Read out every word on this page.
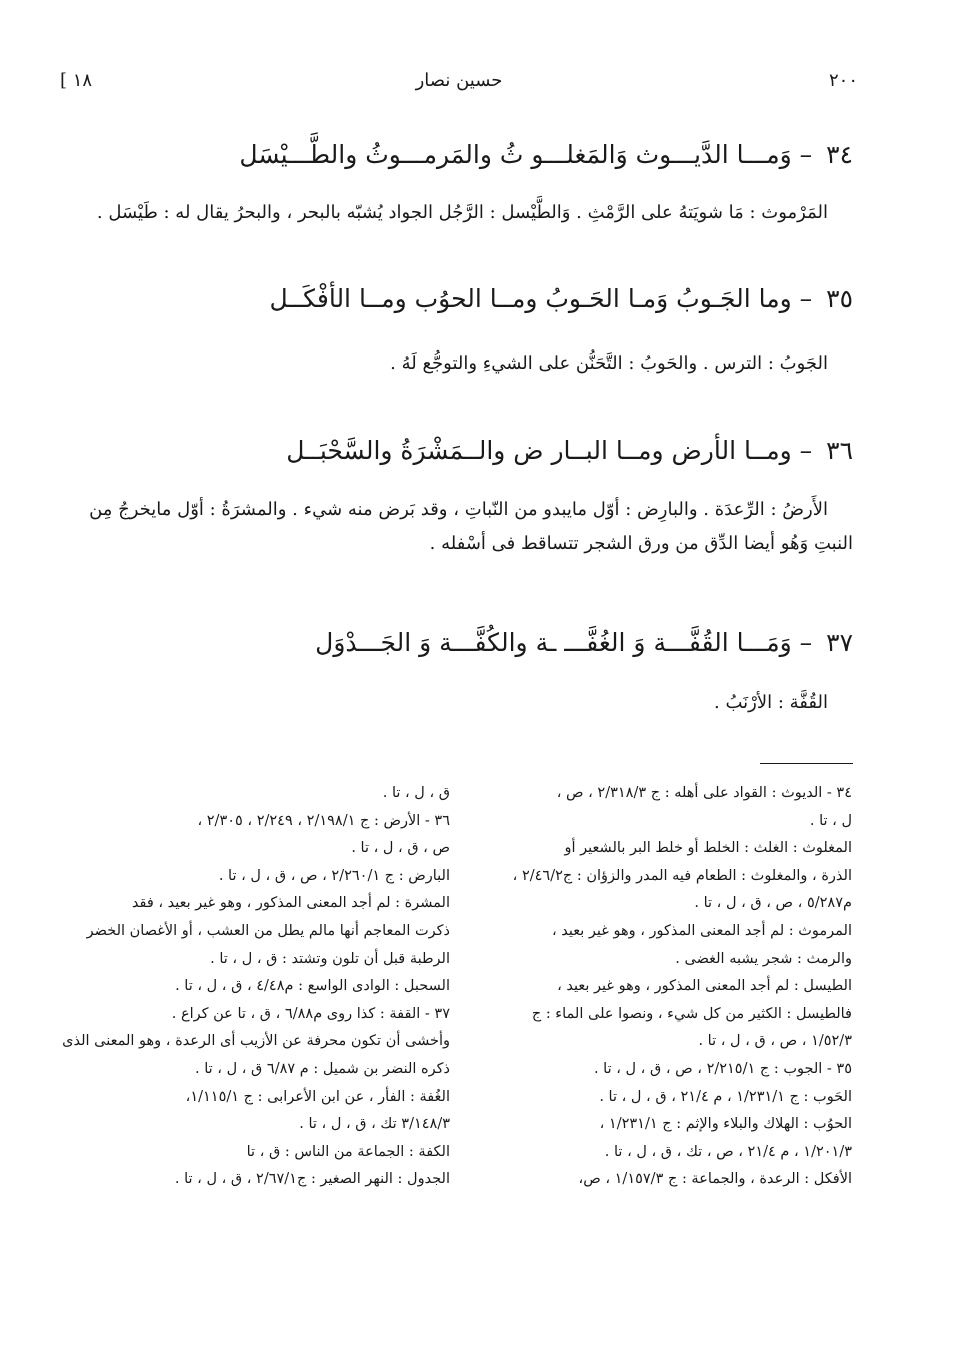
[ ١٨	حسين نصار	٢٠٠
٣٤– وَمـــا الدَّيـــوث وَالمَغلـــو ثُ والمَرمـــوثُ والطَّـــيْسَل
المَرْموث : مَا شويَتهُ على الرَّمْثِ . وَالطَّيْسل : الرَّجُل الجواد يُشبّه بالبحر ، والبحرُ يقال له : طَيْسَل .
٣٥– وما الجَـوبُ وَمـا الحَـوبُ ومــا الحوُب ومــا الأفْكَــل
الجَوبُ : الترس . والحَوبُ : التَّحَنُّن على الشيءِ والتوجُّع لَهُ .
٣٦– ومــا الأرض ومــا البــار ض والــمَشْرَةُ والسَّحْبَــل
الأَرضُ : الرِّعدَة . والبارِض : أوّل مايبدو من النّباتِ ، وقد بَرض منه شيء . والمشرَةُ : أوّل مايخرجُ مِن
النبتِ وَهُو أيضا الدِّق من ورق الشجر تتساقط فى أسْفله .
٣٧– وَمَـــا القُفَّـــة وَ الغُفَّـــ ـة والكُفَّـــة وَ الجَـــدْوَل
القُفَّة : الأرْنَبُ .

٣٤ - الديوث : القواد على أهله : ج ٢/٣١٨/٣ ، ص ،

ل ، تا .

المغلوث : الغلث : الخلط أو خلط البر بالشعير أو

الذرة ، والمغلوث : الطعام فيه المدر والزؤان : ج٢/٤٦/٢ ،

م٥/٢٨٧ ، ص ، ق ، ل ، تا .

المرموث : لم أجد المعنى المذكور ، وهو غير بعيد ،

والرمث : شجر يشبه الغضى .

الطيسل : لم أجد المعنى المذكور ، وهو غير بعيد ،

فالطيسل : الكثير من كل شيء ، ونصوا على الماء : ج

١/٥٢/٣ ، ص ، ق ، ل ، تا .

٣٥ - الجوب : ج ٢/٢١٥/١ ، ص ، ق ، ل ، تا .

الحَوب : ج ١/٢٣١/١ ، م ٢١/٤ ، ق ، ل ، تا .

الحوُب : الهلاك والبلاء والإثم : ج ١/٢٣١/١ ،

١/٢٠١/٣ ، م ٢١/٤ ، ص ، تك ، ق ، ل ، تا .

الأفكل : الرعدة ، والجماعة : ج ١/١٥٧/٣ ، ص،

ق ، ل ، تا .

٣٦ - الأرض : ج ٢/١٩٨/١ ، ٢/٢٤٩ ، ٢/٣٠٥ ،

ص ، ق ، ل ، تا .

البارض : ج ٢/٢٦٠/١ ، ص ، ق ، ل ، تا .

المشرة : لم أجد المعنى المذكور ، وهو غير بعيد ، فقد

ذكرت المعاجم أنها مالم يطل من العشب ، أو الأغصان الخضر

الرطبة قبل أن تلون وتشتد : ق ، ل ، تا .

السحبل : الوادى الواسع : م٤/٤٨ ، ق ، ل ، تا .

٣٧ - القفة : كذا روى م٦/٨٨ ، ق ، تا عن كراع .

وأخشى أن تكون محرفة عن الأزيب أى الرعدة ، وهو المعنى الذى

ذكره النضر بن شميل : م ٦/٨٧ ق ، ل ، تا .

الغُفة : الفأر ، عن ابن الأعرابى : ج ١/١١٥/١،

٣/١٤٨/٣ تك ، ق ، ل ، تا .

الكفة : الجماعة من الناس : ق ، تا

الجدول : النهر الصغير : ج٢/٦٧/١ ، ق ، ل ، تا .
